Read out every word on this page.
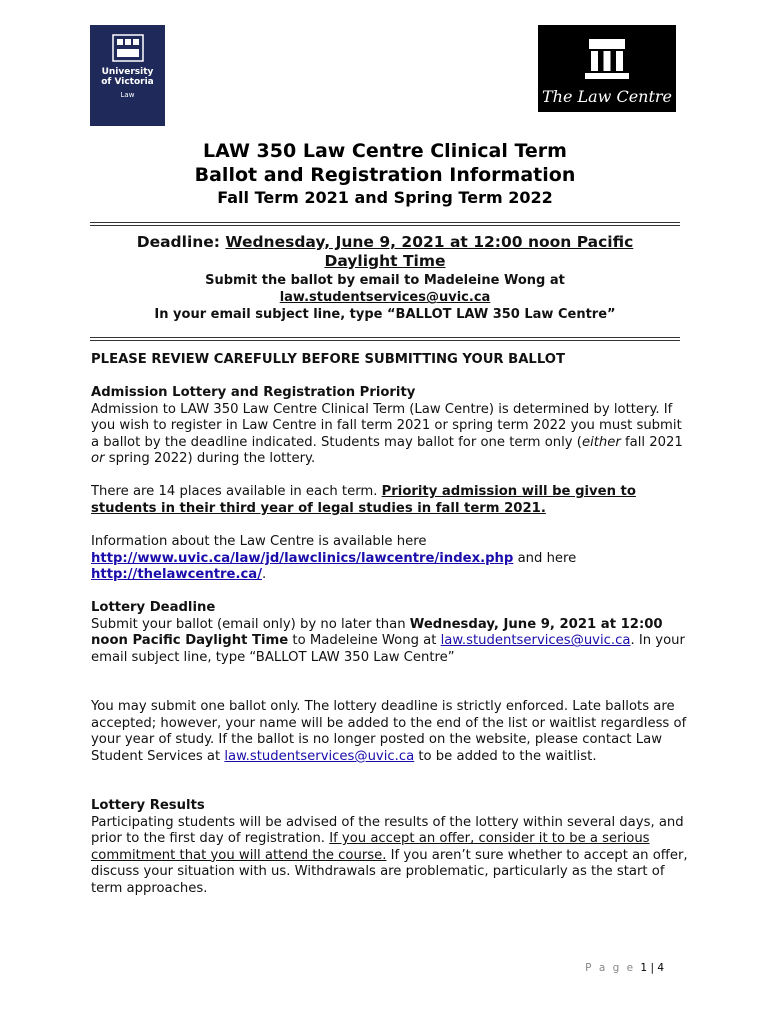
University
of Victoria
Law	The Law Centre
LAW 350 Law Centre Clinical Term
Ballot and Registration Information
Fall Term 2021 and Spring Term 2022
Deadline: Wednesday, June 9, 2021 at 12:00 noon Pacific
Daylight Time
Submit the ballot by email to Madeleine Wong at
law.studentservices@uvic.ca
In your email subject line, type “BALLOT LAW 350 Law Centre”
PLEASE REVIEW CAREFULLY BEFORE SUBMITTING YOUR BALLOT

Admission Lottery and Registration Priority

Admission to LAW 350 Law Centre Clinical Term (Law Centre) is determined by lottery. If you wish to register in Law Centre in fall term 2021 or spring term 2022 you must submit a ballot by the deadline indicated. Students may ballot for one term only (either fall 2021 or spring 2022) during the lottery.

There are 14 places available in each term. Priority admission will be given to students in their third year of legal studies in fall term 2021.
Information about the Law Centre is available here
http://www.uvic.ca/law/jd/lawclinics/lawcentre/index.php and here
http://thelawcentre.ca/.

Lottery Deadline

Submit your ballot (email only) by no later than Wednesday, June 9, 2021 at 12:00 noon Pacific Daylight Time to Madeleine Wong at law.studentservices@uvic.ca. In your email subject line, type “BALLOT LAW 350 Law Centre”

You may submit one ballot only. The lottery deadline is strictly enforced. Late ballots are accepted; however, your name will be added to the end of the list or waitlist regardless of your year of study. If the ballot is no longer posted on the website, please contact Law Student Services at law.studentservices@uvic.ca to be added to the waitlist.

Lottery Results

Participating students will be advised of the results of the lottery within several days, and prior to the first day of registration. If you accept an offer, consider it to be a serious commitment that you will attend the course. If you aren’t sure whether to accept an offer, discuss your situation with us. Withdrawals are problematic, particularly as the start of term approaches.

P a g e 1 | 4
